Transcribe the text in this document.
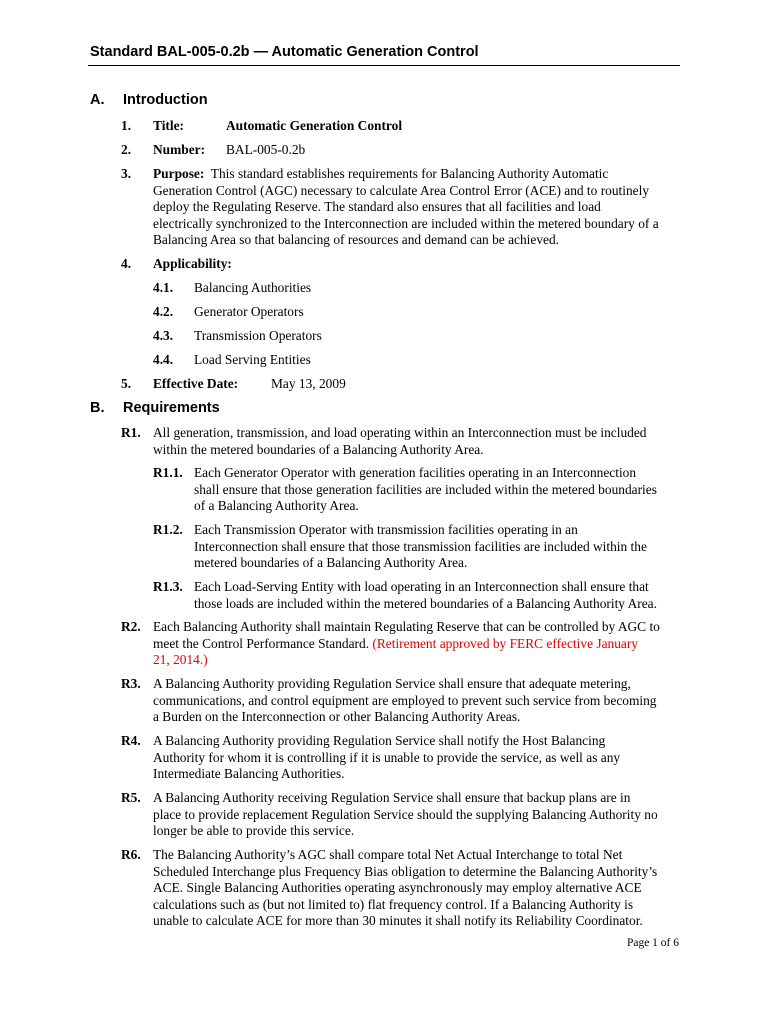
Standard BAL-005-0.2b — Automatic Generation Control
A. Introduction
1. Title:	Automatic Generation Control
2. Number: BAL-005-0.2b
3. Purpose: This standard establishes requirements for Balancing Authority Automatic
Generation Control (AGC) necessary to calculate Area Control Error (ACE) and to routinely
deploy the Regulating Reserve. The standard also ensures that all facilities and load
electrically synchronized to the Interconnection are included within the metered boundary of a
Balancing Area so that balancing of resources and demand can be achieved.
4. Applicability:
4.1. Balancing Authorities
4.2. Generator Operators
4.3. Transmission Operators
4.4. Load Serving Entities
5. Effective Date: May 13, 2009
B. Requirements
R1. All generation, transmission, and load operating within an Interconnection must be included
within the metered boundaries of a Balancing Authority Area.
R1.1. Each Generator Operator with generation facilities operating in an Interconnection
shall ensure that those generation facilities are included within the metered boundaries
of a Balancing Authority Area.
R1.2. Each Transmission Operator with transmission facilities operating in an
Interconnection shall ensure that those transmission facilities are included within the
metered boundaries of a Balancing Authority Area.
R1.3. Each Load-Serving Entity with load operating in an Interconnection shall ensure that
those loads are included within the metered boundaries of a Balancing Authority Area.
R2. Each Balancing Authority shall maintain Regulating Reserve that can be controlled by AGC to
meet the Control Performance Standard. (Retirement approved by FERC effective January
21, 2014.)
R3. A Balancing Authority providing Regulation Service shall ensure that adequate metering,
communications, and control equipment are employed to prevent such service from becoming
a Burden on the Interconnection or other Balancing Authority Areas.
R4. A Balancing Authority providing Regulation Service shall notify the Host Balancing
Authority for whom it is controlling if it is unable to provide the service, as well as any
Intermediate Balancing Authorities.
R5. A Balancing Authority receiving Regulation Service shall ensure that backup plans are in
place to provide replacement Regulation Service should the supplying Balancing Authority no
longer be able to provide this service.
R6. The Balancing Authority’s AGC shall compare total Net Actual Interchange to total Net
Scheduled Interchange plus Frequency Bias obligation to determine the Balancing Authority’s
ACE. Single Balancing Authorities operating asynchronously may employ alternative ACE
calculations such as (but not limited to) flat frequency control. If a Balancing Authority is
unable to calculate ACE for more than 30 minutes it shall notify its Reliability Coordinator.
Page 1 of 6
